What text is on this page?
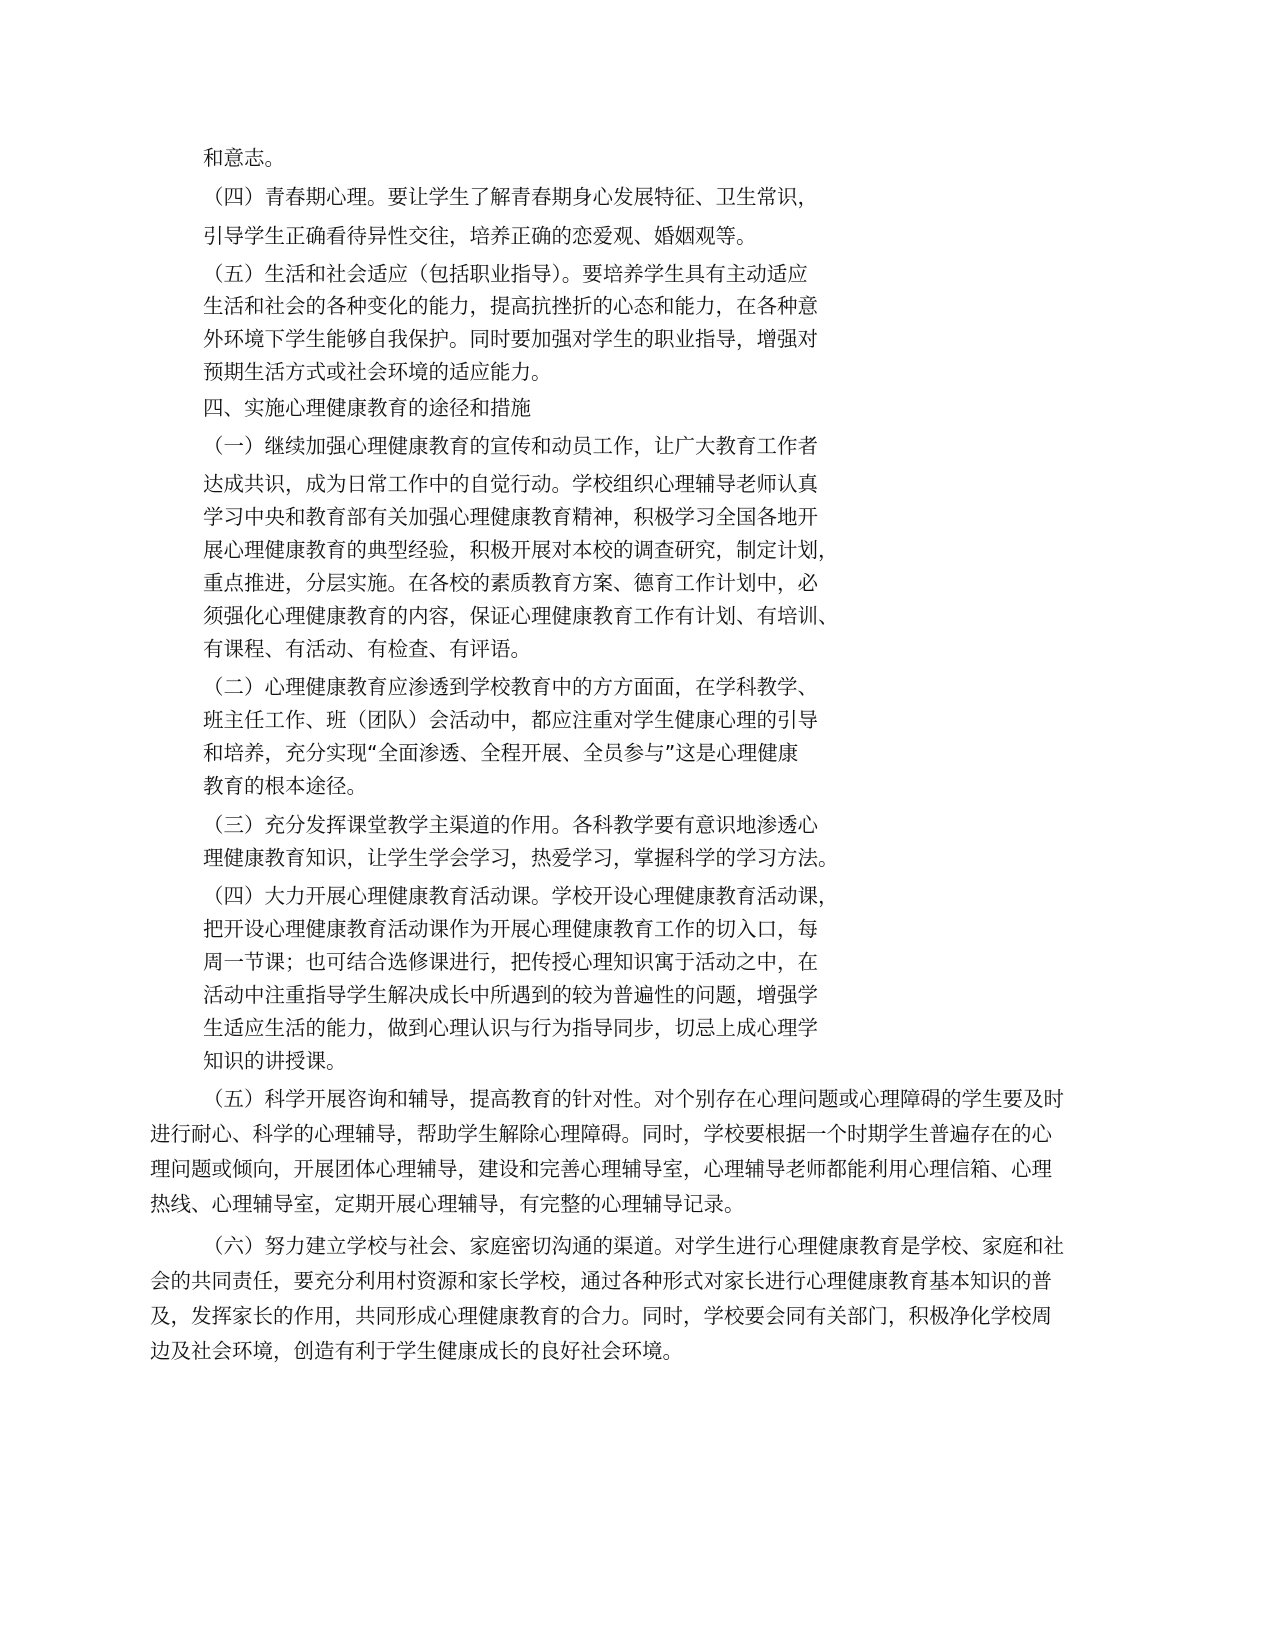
和意志。
（四）青春期心理。要让学生了解青春期身心发展特征、卫生常识，
引导学生正确看待异性交往，培养正确的恋爱观、婚姻观等。
（五）生活和社会适应（包括职业指导）。要培养学生具有主动适应
生活和社会的各种变化的能力，提高抗挫折的心态和能力，在各种意
外环境下学生能够自我保护。同时要加强对学生的职业指导，增强对
预期生活方式或社会环境的适应能力。
四、实施心理健康教育的途径和措施
（一）继续加强心理健康教育的宣传和动员工作，让广大教育工作者
达成共识，成为日常工作中的自觉行动。学校组织心理辅导老师认真
学习中央和教育部有关加强心理健康教育精神，积极学习全国各地开
展心理健康教育的典型经验，积极开展对本校的调查研究，制定计划，
重点推进，分层实施。在各校的素质教育方案、德育工作计划中，必
须强化心理健康教育的内容，保证心理健康教育工作有计划、有培训、
有课程、有活动、有检查、有评语。
（二）心理健康教育应渗透到学校教育中的方方面面，在学科教学、
班主任工作、班（团队）会活动中，都应注重对学生健康心理的引导
和培养，充分实现“全面渗透、全程开展、全员参与”这是心理健康
教育的根本途径。
（三）充分发挥课堂教学主渠道的作用。各科教学要有意识地渗透心
理健康教育知识，让学生学会学习，热爱学习，掌握科学的学习方法。
（四）大力开展心理健康教育活动课。学校开设心理健康教育活动课，
把开设心理健康教育活动课作为开展心理健康教育工作的切入口，每
周一节课；也可结合选修课进行，把传授心理知识寓于活动之中，在
活动中注重指导学生解决成长中所遇到的较为普遍性的问题，增强学
生适应生活的能力，做到心理认识与行为指导同步，切忌上成心理学
知识的讲授课。
（五）科学开展咨询和辅导，提高教育的针对性。对个别存在心理问题或心理障碍的学生要及时
进行耐心、科学的心理辅导，帮助学生解除心理障碍。同时，学校要根据一个时期学生普遍存在的心
理问题或倾向，开展团体心理辅导，建设和完善心理辅导室，心理辅导老师都能利用心理信箱、心理
热线、心理辅导室，定期开展心理辅导，有完整的心理辅导记录。
（六）努力建立学校与社会、家庭密切沟通的渠道。对学生进行心理健康教育是学校、家庭和社
会的共同责任，要充分利用村资源和家长学校，通过各种形式对家长进行心理健康教育基本知识的普
及，发挥家长的作用，共同形成心理健康教育的合力。同时，学校要会同有关部门，积极净化学校周
边及社会环境，创造有利于学生健康成长的良好社会环境。
